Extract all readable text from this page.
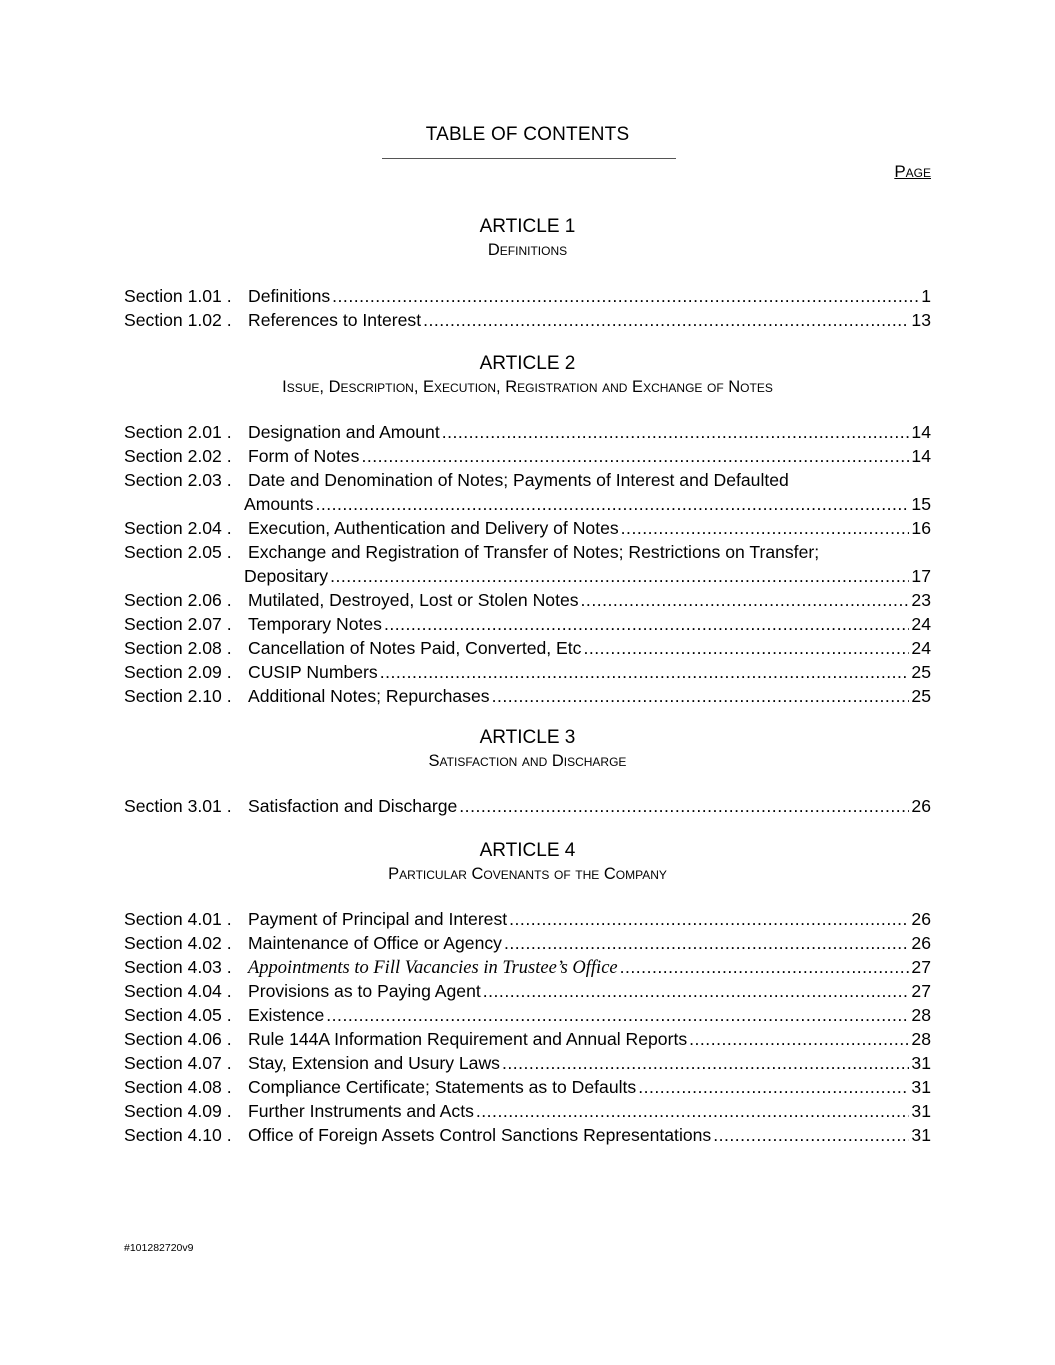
TABLE OF CONTENTS
Page
ARTICLE 1
Definitions
Section 1.01 . Definitions .....	1
Section 1.02 . References to Interest .....	13
ARTICLE 2
Issue, Description, Execution, Registration and Exchange of Notes
Section 2.01 . Designation and Amount .....	14
Section 2.02 . Form of Notes .....	14
Section 2.03 . Date and Denomination of Notes; Payments of Interest and Defaulted
Amounts .....	15
Section 2.04 . Execution, Authentication and Delivery of Notes .....	16
Section 2.05 . Exchange and Registration of Transfer of Notes; Restrictions on Transfer;
Depositary .....	17
Section 2.06 . Mutilated, Destroyed, Lost or Stolen Notes .....	23
Section 2.07 . Temporary Notes .....	24
Section 2.08 . Cancellation of Notes Paid, Converted, Etc .....	24
Section 2.09 . CUSIP Numbers .....	25
Section 2.10 . Additional Notes; Repurchases .....	25
ARTICLE 3
Satisfaction and Discharge
Section 3.01 . Satisfaction and Discharge .....	26
ARTICLE 4
Particular Covenants of the Company
Section 4.01 . Payment of Principal and Interest .....	26
Section 4.02 . Maintenance of Office or Agency .....	26
Section 4.03 . Appointments to Fill Vacancies in Trustee’s Office .....	27
Section 4.04 . Provisions as to Paying Agent .....	27
Section 4.05 . Existence .....	28
Section 4.06 . Rule 144A Information Requirement and Annual Reports .....	28
Section 4.07 . Stay, Extension and Usury Laws .....	31
Section 4.08 . Compliance Certificate; Statements as to Defaults .....	31
Section 4.09 . Further Instruments and Acts .....	31
Section 4.10 . Office of Foreign Assets Control Sanctions Representations .....	31
#101282720v9
